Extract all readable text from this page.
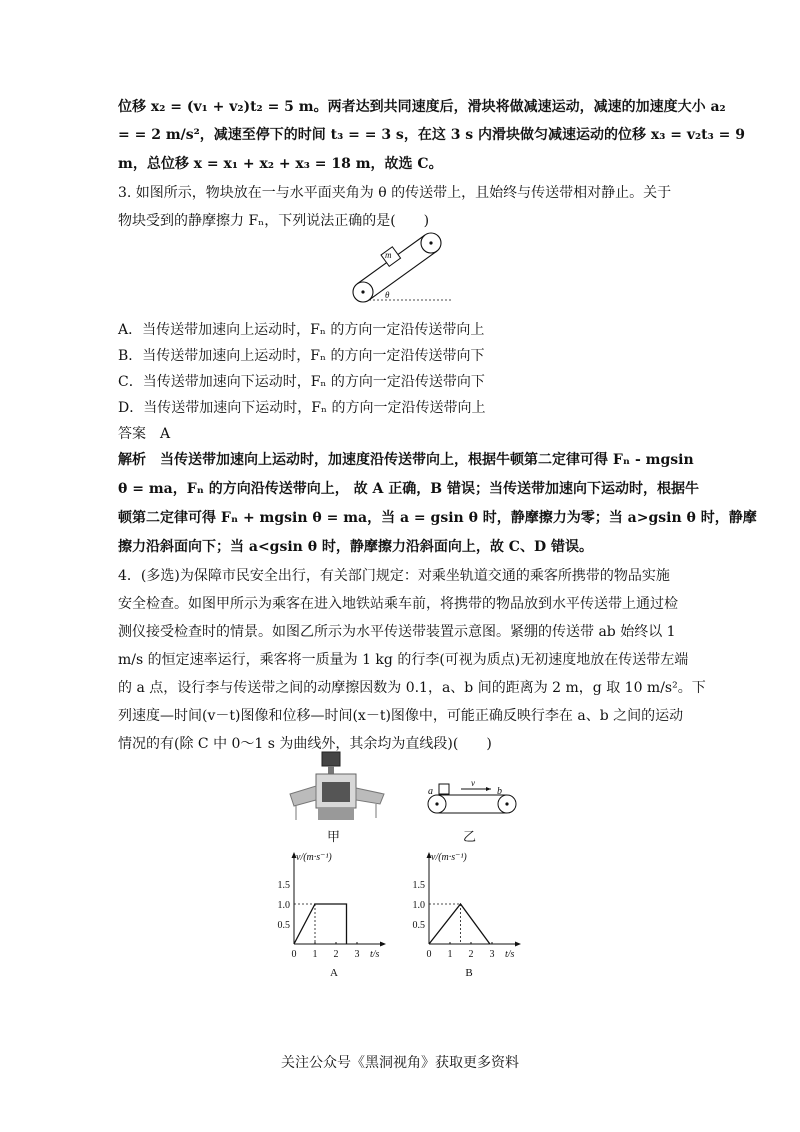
位移 x₂ = (v₁ + v₂)t₂ = 5 m。两者达到共同速度后，滑块将做减速运动，减速的加速度大小 a₂
= = 2 m/s²，减速至停下的时间 t₃ = = 3 s，在这 3 s 内滑块做匀减速运动的位移 x₃ = v₂t₃ = 9
m，总位移 x = x₁ + x₂ + x₃ = 18 m，故选 C。
3. 如图所示，物块放在一与水平面夹角为 θ 的传送带上，且始终与传送带相对静止。关于
物块受到的静摩擦力 Fₙ，下列说法正确的是(　　)
A．当传送带加速向上运动时，Fₙ 的方向一定沿传送带向上
B．当传送带加速向上运动时，Fₙ 的方向一定沿传送带向下
C．当传送带加速向下运动时，Fₙ 的方向一定沿传送带向下
D．当传送带加速向下运动时，Fₙ 的方向一定沿传送带向上
答案　A
解析　当传送带加速向上运动时，加速度沿传送带向上，根据牛顿第二定律可得 Fₙ - mgsin
θ = ma，Fₙ 的方向沿传送带向上， 故 A 正确，B 错误；当传送带加速向下运动时，根据牛
顿第二定律可得 Fₙ + mgsin θ = ma，当 a = gsin θ 时，静摩擦力为零；当 a>gsin θ 时，静摩
擦力沿斜面向下；当 a<gsin θ 时，静摩擦力沿斜面向上，故 C、D 错误。
4．(多选)为保障市民安全出行，有关部门规定：对乘坐轨道交通的乘客所携带的物品实施
安全检查。如图甲所示为乘客在进入地铁站乘车前，将携带的物品放到水平传送带上通过检
测仪接受检查时的情景。如图乙所示为水平传送带装置示意图。紧绷的传送带 ab 始终以 1
m/s 的恒定速率运行，乘客将一质量为 1 kg 的行李(可视为质点)无初速度地放在传送带左端
的 a 点，设行李与传送带之间的动摩擦因数为 0.1，a、b 间的距离为 2 m，g 取 10 m/s²。下
列速度—时间(v－t)图像和位移—时间(x－t)图像中，可能正确反映行李在 a、b 之间的运动
情况的有(除 C 中 0～1 s 为曲线外，其余均为直线段)(　　)
m
θ
甲
v
a	b
乙
0.5
1.0
1.5
0 1 2 3
v/(m·s⁻¹)
t/s
A
0.5
1.0
1.5
0 1 2 3
v/(m·s⁻¹)
t/s
B
关注公众号《黑洞视角》获取更多资料
